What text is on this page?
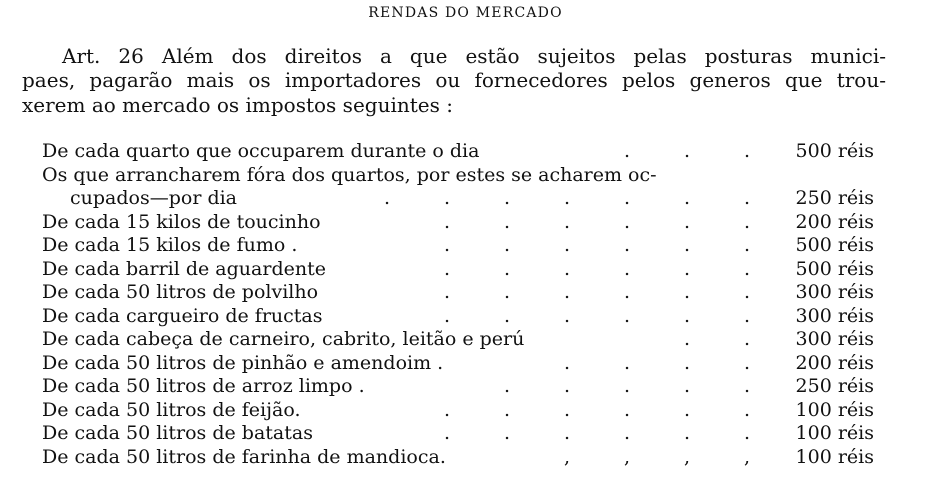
RENDAS DO MERCADO
Art. 26 Além dos direitos a que estão sujeitos pelas posturas munici-
paes, pagarão mais os importadores ou fornecedores pelos generos que trou-
xerem ao mercado os impostos seguintes :
De cada quarto que occuparem durante o dia	.	.	. 500 réis
Os que arrancharem fóra dos quartos, por estes se acharem oc-
cupados—por dia	.	.	.	.	.	.	. 250 réis
De cada 15 kilos de toucinho	.	.	.	.	.	. 200 réis
De cada 15 kilos de fumo .	.	.	.	.	.	. 500 réis
De cada barril de aguardente	.	.	.	.	.	. 500 réis
De cada 50 litros de polvilho	.	.	.	.	.	. 300 réis
De cada cargueiro de fructas	.	.	.	.	.	. 300 réis
De cada cabeça de carneiro, cabrito, leitão e perú	.	. 300 réis
De cada 50 litros de pinhão e amendoim .	.	.	.	. 200 réis
De cada 50 litros de arroz limpo .	.	.	.	.	. 250 réis
De cada 50 litros de feijão.	.	.	.	.	.	. 100 réis
De cada 50 litros de batatas	.	.	.	.	.	. 100 réis
De cada 50 litros de farinha de mandioca.	,	,	,	, 100 réis
